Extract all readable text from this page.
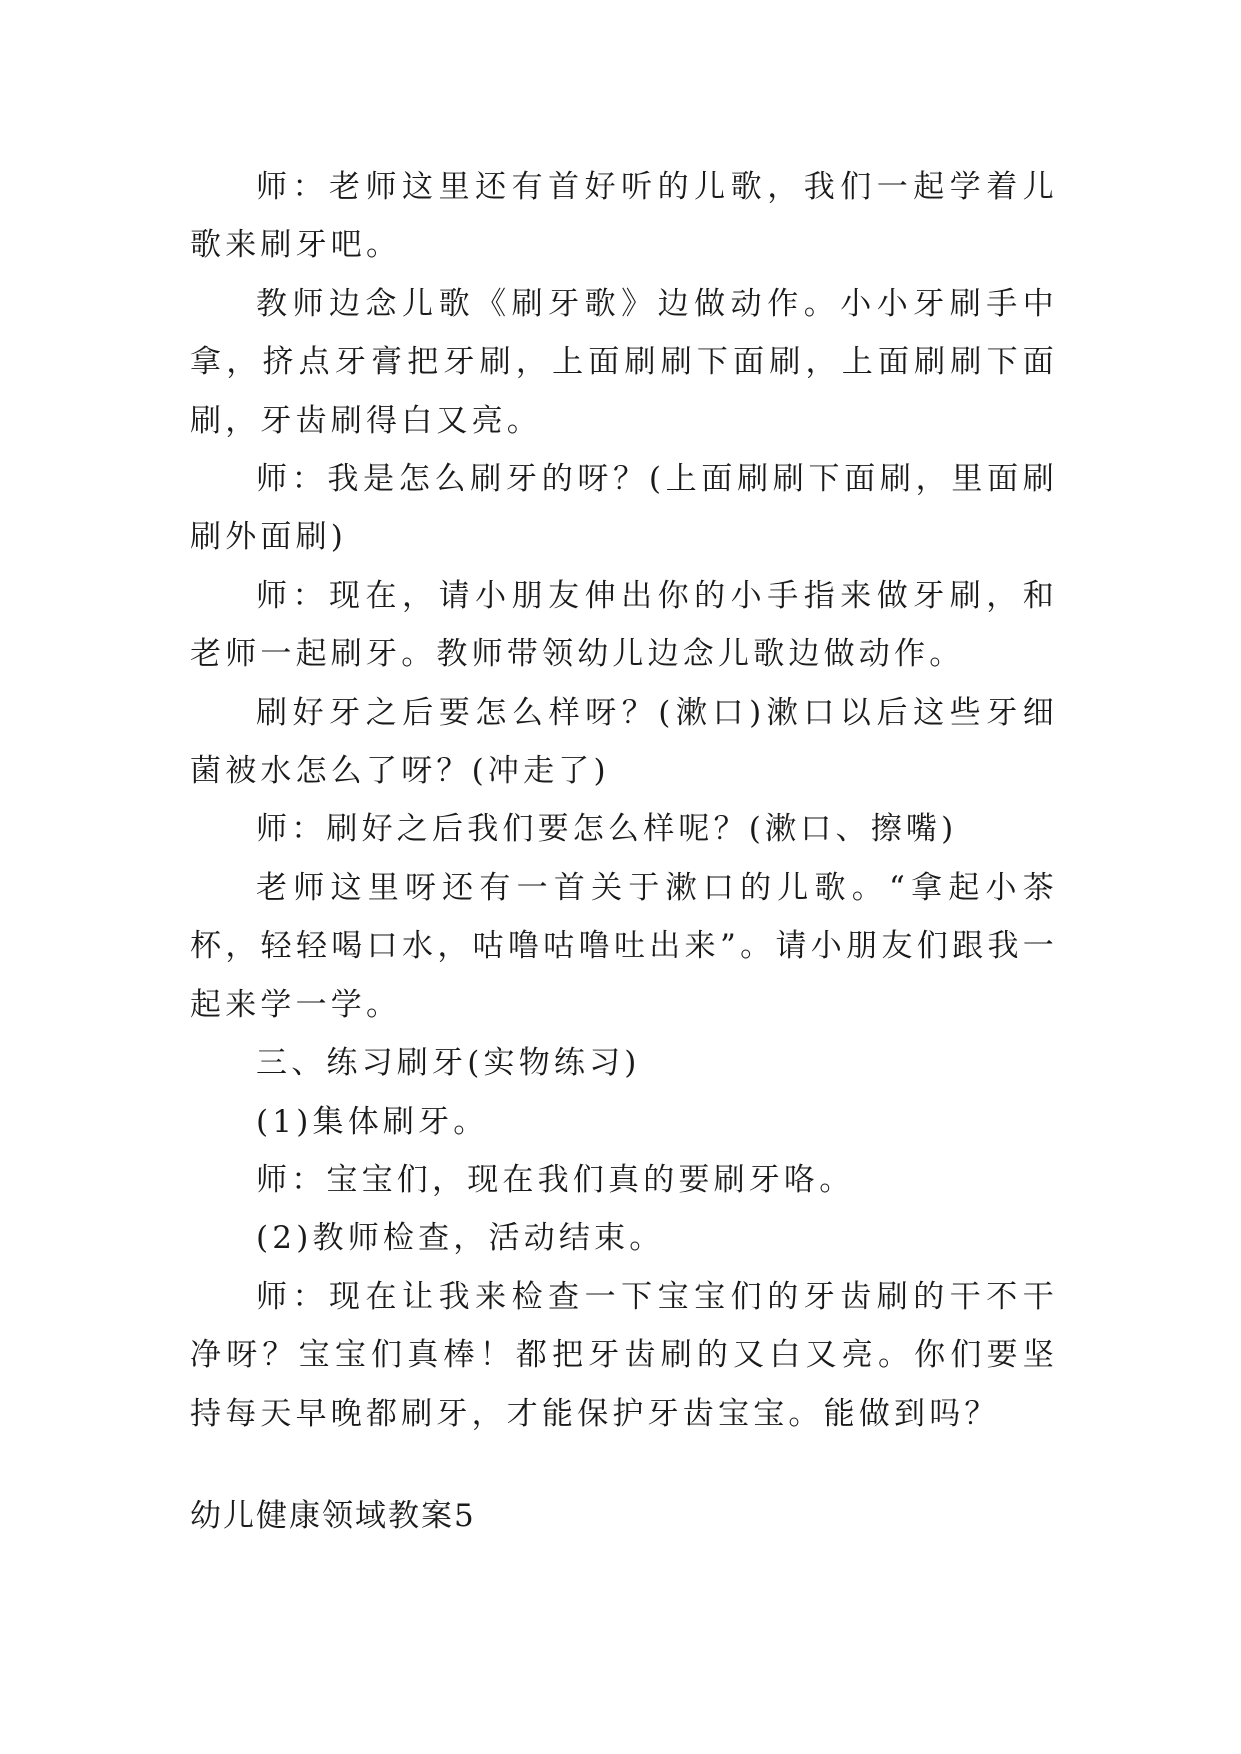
师：老师这里还有首好听的儿歌，我们一起学着儿歌来刷牙吧。

教师边念儿歌《刷牙歌》边做动作。小小牙刷手中拿，挤点牙膏把牙刷，上面刷刷下面刷，上面刷刷下面刷，牙齿刷得白又亮。

师：我是怎么刷牙的呀？(上面刷刷下面刷，里面刷刷外面刷)

师：现在，请小朋友伸出你的小手指来做牙刷，和老师一起刷牙。教师带领幼儿边念儿歌边做动作。

刷好牙之后要怎么样呀？(漱口)漱口以后这些牙细菌被水怎么了呀？(冲走了)

师：刷好之后我们要怎么样呢？(漱口、擦嘴)

老师这里呀还有一首关于漱口的儿歌。“拿起小茶杯，轻轻喝口水，咕噜咕噜吐出来”。请小朋友们跟我一起来学一学。

三、练习刷牙(实物练习)

(1)集体刷牙。

师：宝宝们，现在我们真的要刷牙咯。

(2)教师检查，活动结束。

师：现在让我来检查一下宝宝们的牙齿刷的干不干净呀？宝宝们真棒！都把牙齿刷的又白又亮。你们要坚持每天早晚都刷牙，才能保护牙齿宝宝。能做到吗？

幼儿健康领域教案5
